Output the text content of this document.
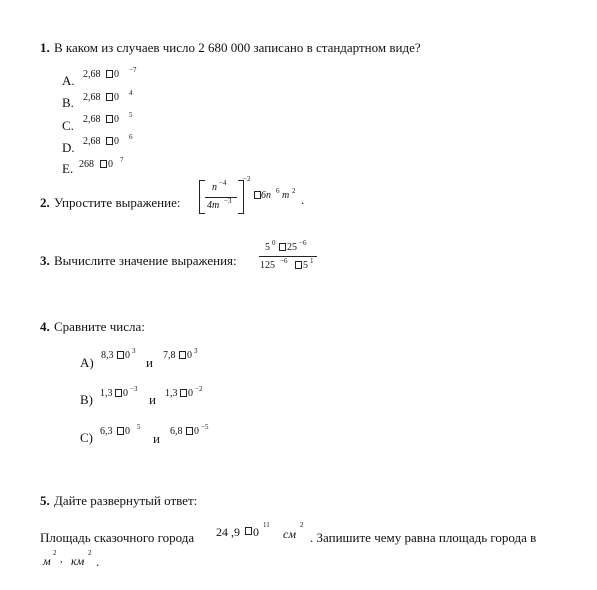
1. В каком из случаев число 2 680 000 записано в стандартном виде?
A. 2,68 0 −7
B. 2,68 0 4
C. 2,68 0 5
D. 2,68 0 6
E. 268 0 7
2. Упростите выражение:
n −4
4m −3
−2
6n 6 m 2
.
3. Вычислите значение выражения:
5 0 25 −6
125 −6 5 1
4. Сравните числа:
A) 8,3 0 3
и 7,8 0 3
B) 1,3 0 −3
и 1,3 0 −2
C) 6,3 0 5
и 6,8 0 −5
5. Дайте развернутый ответ:
Площадь сказочного города 24 ,9 0 11
см
2
. Запишите чему равна площадь города в
м
2
, км
2
.
